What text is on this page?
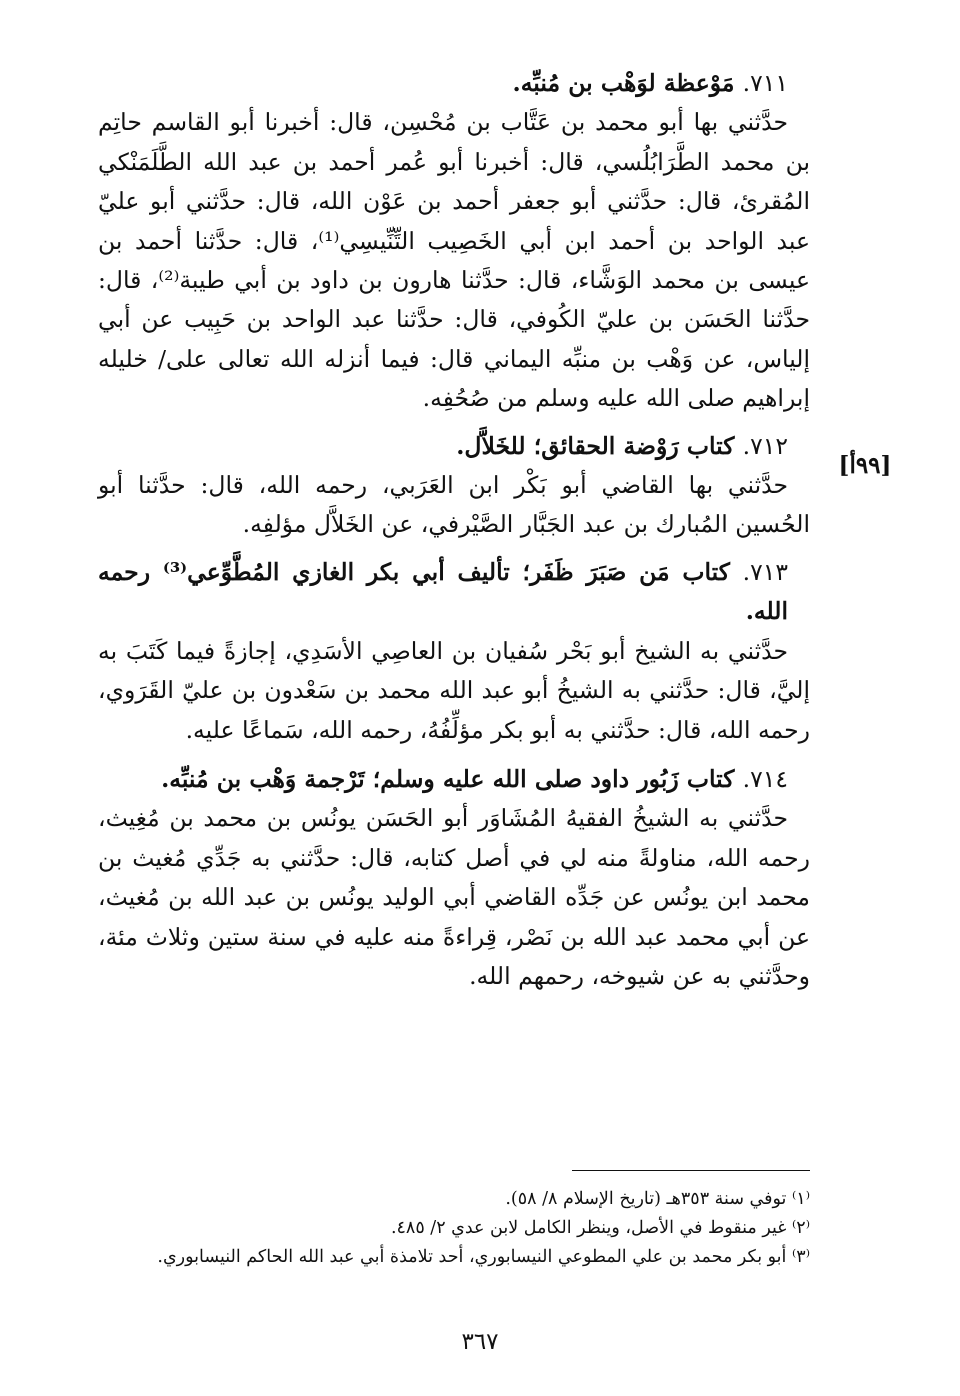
٧١١. مَوْعظة لوَهْب بن مُنبِّه.

حدَّثني بها أبو محمد بن عَتَّاب بن مُحْسِن، قال: أخبرنا أبو القاسم حاتِم بن محمد الطَّرَابُلُسي، قال: أخبرنا أبو عُمر أحمد بن عبد الله الطَّلَمَنْكي المُقرئ، قال: حدَّثني أبو جعفر أحمد بن عَوْن الله، قال: حدَّثني أبو عليّ عبد الواحد بن أحمد ابن أبي الخَصِيب التِّنِّيسِي⁽¹⁾، قال: حدَّثنا أحمد بن عيسى بن محمد الوَشَّاء، قال: حدَّثنا هارون بن داود بن أبي طيبة⁽²⁾، قال: حدَّثنا الحَسَن بن عليّ الكُوفي، قال: حدَّثنا عبد الواحد بن حَبِيب عن أبي إلياس، عن وَهْب بن منبِّه اليماني قال: فيما أنزله الله تعالى على/ خليله إبراهيم صلى الله عليه وسلم من صُحُفِه.

٧١٢. كتاب رَوْضة الحقائق؛ للخَلاَّل.

حدَّثني بها القاضي أبو بَكْر ابن العَرَبي، رحمه الله، قال: حدَّثنا أبو الحُسين المُبارك بن عبد الجَبَّار الصَّيْرفي، عن الخَلاَّل مؤلفِه.

٧١٣. كتاب مَن صَبَرَ ظَفَر؛ تأليف أبي بكر الغازي المُطَّوِّعي⁽³⁾ رحمه الله.

حدَّثني به الشيخ أبو بَحْر سُفيان بن العاصِي الأسَدِي، إجازةً فيما كَتَبَ به إليَّ، قال: حدَّثني به الشيخُ أبو عبد الله محمد بن سَعْدون بن عليّ القَرَوي، رحمه الله، قال: حدَّثني به أبو بكر مؤلِّفُهُ، رحمه الله، سَماعًا عليه.

٧١٤. كتاب زَبُور داود صلى الله عليه وسلم؛ تَرْجمة وَهْب بن مُنبِّه.

حدَّثني به الشيخُ الفقيهُ المُشَاوَر أبو الحَسَن يونُس بن محمد بن مُغِيث، رحمه الله، مناولةً منه لي في أصل كتابه، قال: حدَّثني به جَدِّي مُغيث بن محمد ابن يونُس عن جَدِّه القاضي أبي الوليد يونُس بن عبد الله بن مُغيث، عن أبي محمد عبد الله بن نَصْر، قِراءةً منه عليه في سنة ستين وثلاث مئة، وحدَّثني به عن شيوخه، رحمهم الله.

[٩٩أ]

⁽١⁾ توفي سنة ٣٥٣هـ (تاريخ الإسلام ٨/ ٥٨).

⁽٢⁾ غير منقوط في الأصل، وينظر الكامل لابن عدي ٢/ ٤٨٥.

⁽٣⁾ أبو بكر محمد بن علي المطوعي النيسابوري، أحد تلامذة أبي عبد الله الحاكم النيسابوري.

٣٦٧
